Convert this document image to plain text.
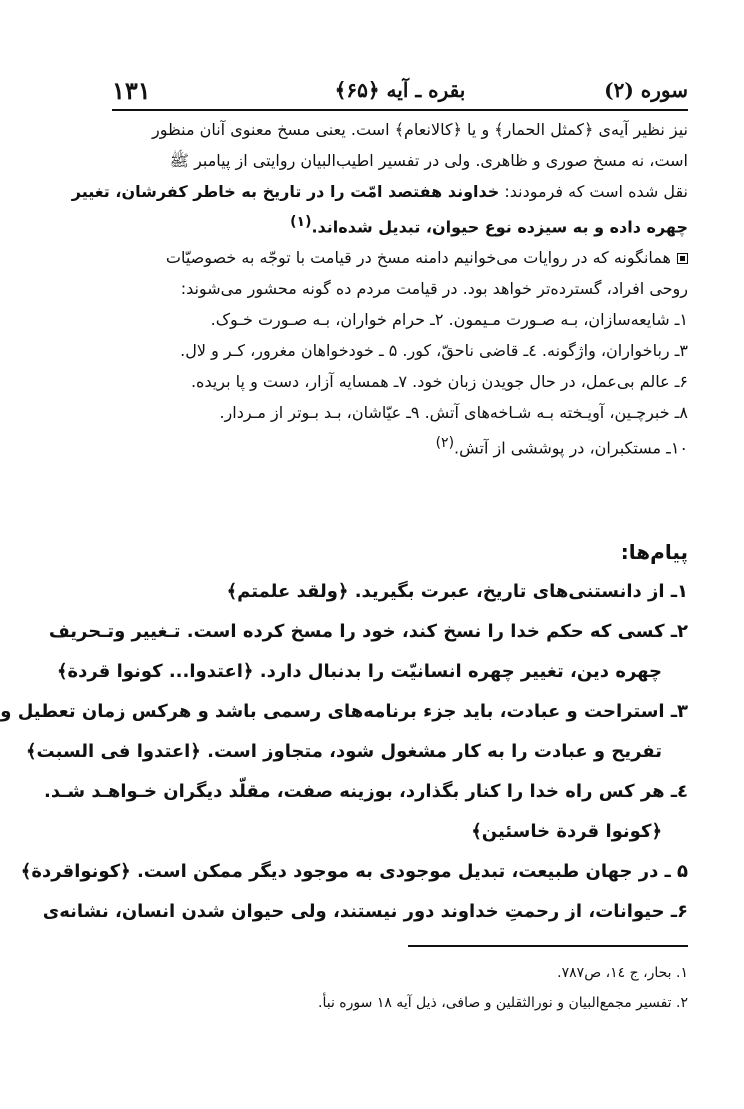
سوره (۲)
بقره ـ آیه ﴿۶۵﴾
۱۳۱
نیز نظیر آیه‌ی ﴿کمثل الحمار﴾ و یا ﴿کالانعام﴾ است. یعنی مسخ معنوی آنان منظور
است، نه مسخ صوری و ظاهری. ولی در تفسیر اطیب‌البیان روایتی از پیامبر ﷺ
نقل شده است که فرمودند: خداوند هفتصد امّت را در تاریخ به خاطر کفرشان، تغییر
چهره داده و به سیزده نوع حیوان، تبدیل شده‌اند.$^{(۱)}$
همانگونه که در روایات می‌خوانیم دامنه مسخ در قیامت با توجّه به خصوصیّات
روحی افراد، گسترده‌تر خواهد بود. در قیامت مردم ده گونه محشور می‌شوند:
۱ـ شایعه‌سازان، بـه صـورت مـیمون. ۲ـ حرام خواران، بـه صـورت خـوک.
۳ـ رباخواران، واژگونه. ٤ـ قاضی ناحقّ، کور. ۵ ـ خودخواهان مغرور، کـر و لال.
۶ـ عالم بی‌عمل، در حال جویدن زبان خود. ۷ـ همسایه آزار، دست و پا بریده.
۸ـ خبرچـین، آویـخته بـه شـاخه‌های آتش. ۹ـ عیّاشان، بـد بـوتر از مـردار.
۱۰ـ مستکبران، در پوششی از آتش.$^{(۲)}$
پیام‌ها:
۱ـ از دانستنی‌های تاریخ، عبرت بگیرید. ﴿ولقد علمتم﴾
۲ـ کسی که حکم خدا را نسخ کند، خود را مسخ کرده است. تـغییر وتـحریف
چهره دین، تغییر چهره انسانیّت را بدنبال دارد. ﴿اعتدوا... کونوا قردة﴾
۳ـ استراحت و عبادت، باید جزء برنامه‌های رسمی باشد و هرکس زمان تعطیل و
تفریح و عبادت را به کار مشغول شود، متجاوز است. ﴿اعتدوا فی السبت﴾
٤ـ هر کس راه خدا را کنار بگذارد، بوزینه صفت، مقلّد دیگران خـواهـد شـد.
﴿کونوا قردة خاسئین﴾
۵ ـ در جهان طبیعت، تبدیل موجودی به موجود دیگر ممکن است. ﴿کونواقردة﴾
۶ـ حیوانات، از رحمتِ خداوند دور نیستند، ولی حیوان شدن انسان، نشانه‌ی
۱. بحار، ج ۱٤، ص۷۸۷.
۲. تفسیر مجمع‌البیان و نورالثقلین و صافی، ذیل آیه ۱۸ سوره نبأ.
